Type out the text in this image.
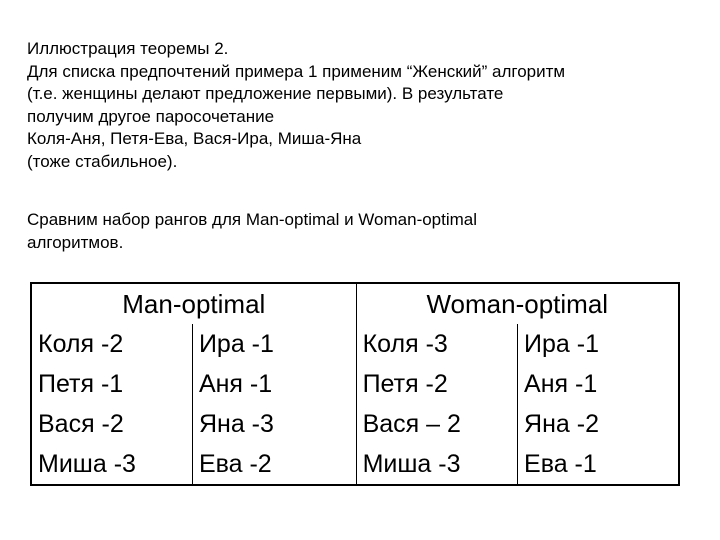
Иллюстрация теоремы 2.
Для списка предпочтений примера 1 применим “Женский” алгоритм
(т.е. женщины делают предложение первыми). В результате
получим другое паросочетание
Коля-Аня, Петя-Ева, Вася-Ира, Миша-Яна
(тоже стабильное).
Сравним набор рангов для Man-optimal и Woman-optimal
алгоритмов.
Man-optimal		Woman-optimal	
Коля -2	Ира -1	Коля -3	Ира -1
Петя -1	Аня -1	Петя -2	Аня -1
Вася -2	Яна -3	Вася – 2	Яна -2
Миша -3	Ева -2	Миша -3	Ева -1
